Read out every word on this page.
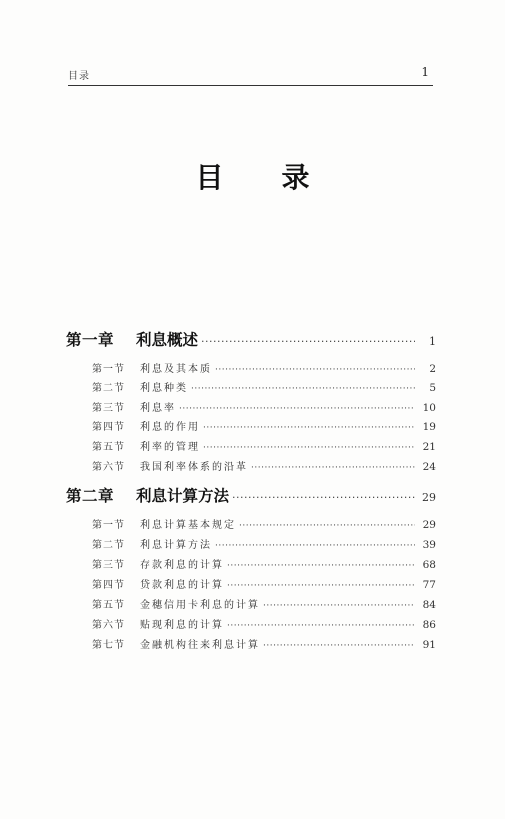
目录	1
目录
第一章	利息概述 ·····	1
第一节	利息及其本质 ·····	2
第二节	利息种类 ·····	5
第三节	利息率 ·····	10
第四节	利息的作用 ·····	19
第五节	利率的管理 ·····	21
第六节	我国利率体系的沿革 ·····	24
第二章	利息计算方法 ·····	29
第一节	利息计算基本规定 ·····	29
第二节	利息计算方法 ·····	39
第三节	存款利息的计算 ·····	68
第四节	贷款利息的计算 ·····	77
第五节	金穗信用卡利息的计算 ·····	84
第六节	贴现利息的计算 ·····	86
第七节	金融机构往来利息计算 ·····	91
